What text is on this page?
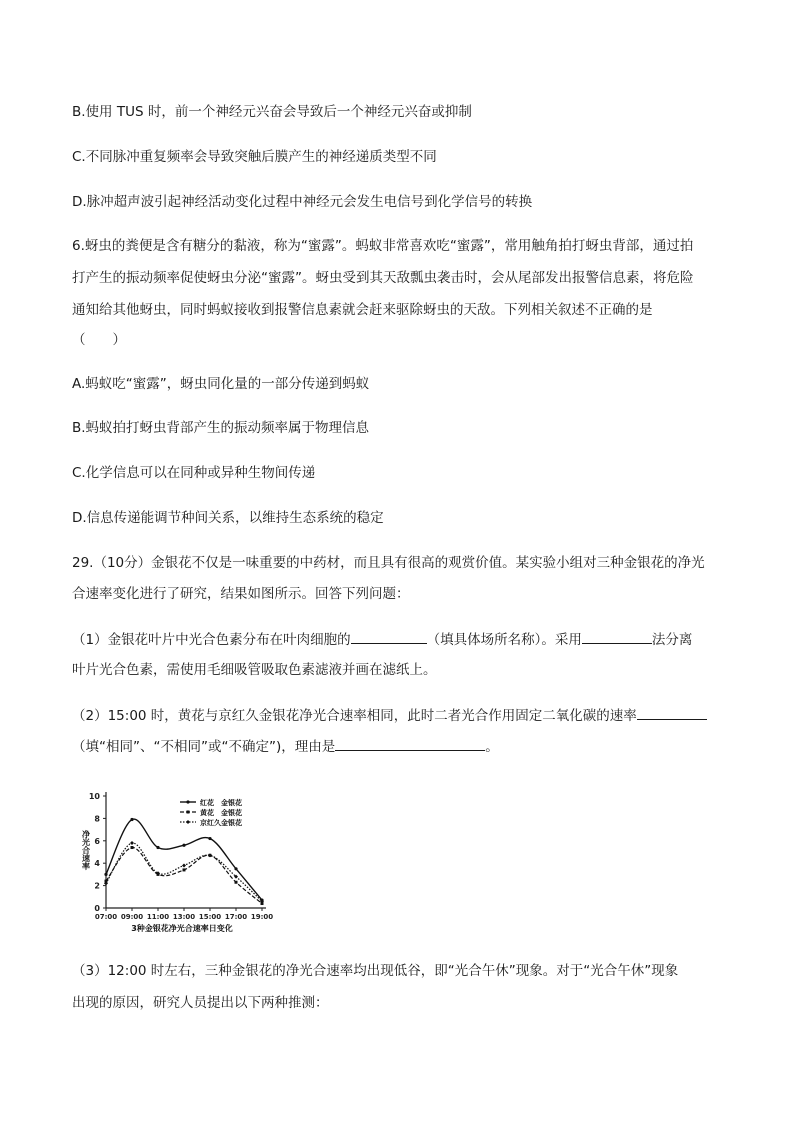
B.使用 TUS 时，前一个神经元兴奋会导致后一个神经元兴奋或抑制
C.不同脉冲重复频率会导致突触后膜产生的神经递质类型不同
D.脉冲超声波引起神经活动变化过程中神经元会发生电信号到化学信号的转换
6.蚜虫的粪便是含有糖分的黏液，称为“蜜露”。蚂蚁非常喜欢吃“蜜露”，常用触角拍打蚜虫背部，通过拍
打产生的振动频率促使蚜虫分泌“蜜露”。蚜虫受到其天敌瓢虫袭击时，会从尾部发出报警信息素，将危险
通知给其他蚜虫，同时蚂蚁接收到报警信息素就会赶来驱除蚜虫的天敌。下列相关叙述不正确的是
（　　）
A.蚂蚁吃“蜜露”，蚜虫同化量的一部分传递到蚂蚁
B.蚂蚁拍打蚜虫背部产生的振动频率属于物理信息
C.化学信息可以在同种或异种生物间传递
D.信息传递能调节种间关系，以维持生态系统的稳定
29.（10分）金银花不仅是一味重要的中药材，而且具有很高的观赏价值。某实验小组对三种金银花的净光
合速率变化进行了研究，结果如图所示。回答下列问题：
（1）金银花叶片中光合色素分布在叶肉细胞的	（填具体场所名称）。采用	法分离
叶片光合色素，需使用毛细吸管吸取色素滤液并画在滤纸上。
（2）15:00 时，黄花与京红久金银花净光合速率相同，此时二者光合作用固定二氧化碳的速率
（填“相同”、“不相同”或“不确定”)，理由是	。
0
2
4
6
8
10
07:00 09:00 11:00 13:00 15:00 17:00 19:00
红花　金银花
黄花　金银花
京红久金银花
净光合速率
3种金银花净光合速率日变化
（3）12:00 时左右，三种金银花的净光合速率均出现低谷，即“光合午休”现象。对于“光合午休”现象
出现的原因，研究人员提出以下两种推测：
